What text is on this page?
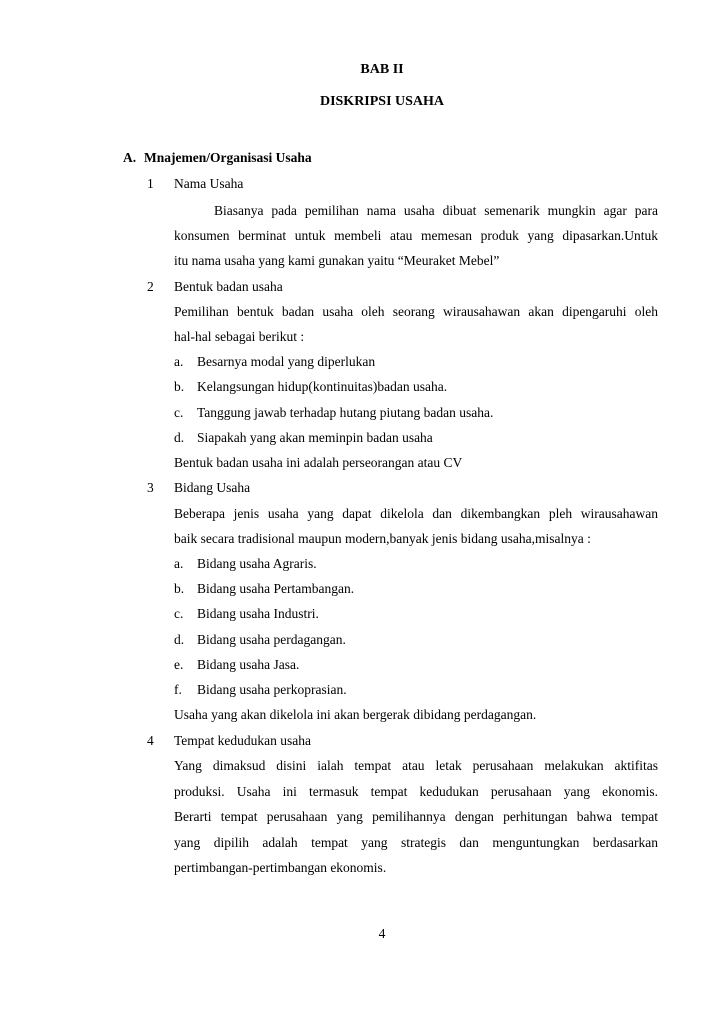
BAB II
DISKRIPSI USAHA
A. Mnajemen/Organisasi Usaha
1 Nama Usaha
Biasanya pada pemilihan nama usaha dibuat semenarik mungkin agar para
konsumen berminat untuk membeli atau memesan produk yang dipasarkan.Untuk
itu nama usaha yang kami gunakan yaitu “Meuraket Mebel”
2 Bentuk badan usaha
Pemilihan bentuk badan usaha oleh seorang wirausahawan akan dipengaruhi oleh
hal-hal sebagai berikut :
a. Besarnya modal yang diperlukan
b. Kelangsungan hidup(kontinuitas)badan usaha.
c. Tanggung jawab terhadap hutang piutang badan usaha.
d. Siapakah yang akan meminpin badan usaha
Bentuk badan usaha ini adalah perseorangan atau CV
3 Bidang Usaha
Beberapa jenis usaha yang dapat dikelola dan dikembangkan pleh wirausahawan
baik secara tradisional maupun modern,banyak jenis bidang usaha,misalnya :
a. Bidang usaha Agraris.
b. Bidang usaha Pertambangan.
c. Bidang usaha Industri.
d. Bidang usaha perdagangan.
e. Bidang usaha Jasa.
f. Bidang usaha perkoprasian.
Usaha yang akan dikelola ini akan bergerak dibidang perdagangan.
4 Tempat kedudukan usaha
Yang dimaksud disini ialah tempat atau letak perusahaan melakukan aktifitas
produksi. Usaha ini termasuk tempat kedudukan perusahaan yang ekonomis.
Berarti tempat perusahaan yang pemilihannya dengan perhitungan bahwa tempat
yang dipilih adalah tempat yang strategis dan menguntungkan berdasarkan
pertimbangan-pertimbangan ekonomis.
4
